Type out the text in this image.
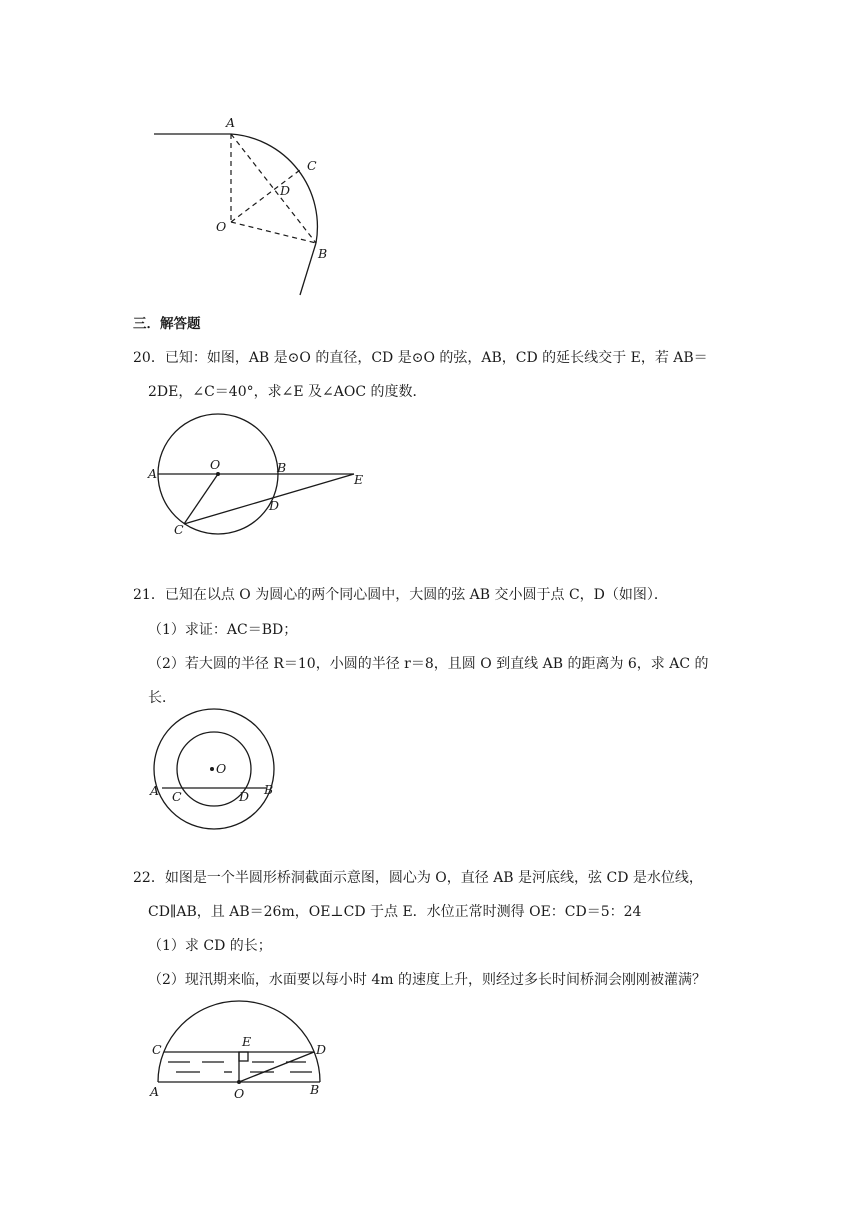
A
C
D
O
B
三．解答题
20．已知：如图，AB 是⊙O 的直径，CD 是⊙O 的弦，AB，CD 的延长线交于 E，若 AB＝
2DE，∠C＝40°，求∠E 及∠AOC 的度数．
A
O	B
E
D
C
21．已知在以点 O 为圆心的两个同心圆中，大圆的弦 AB 交小圆于点 C，D（如图）．
（1）求证：AC＝BD；
（2）若大圆的半径 R＝10，小圆的半径 r＝8，且圆 O 到直线 AB 的距离为 6，求 AC 的
长．
O
A C	D B
22．如图是一个半圆形桥洞截面示意图，圆心为 O，直径 AB 是河底线，弦 CD 是水位线，
CD∥AB，且 AB＝26m，OE⊥CD 于点 E．水位正常时测得 OE：CD＝5：24
（1）求 CD 的长；
（2）现汛期来临，水面要以每小时 4m 的速度上升，则经过多长时间桥洞会刚刚被灌满？
E
C	D
A	O	B
